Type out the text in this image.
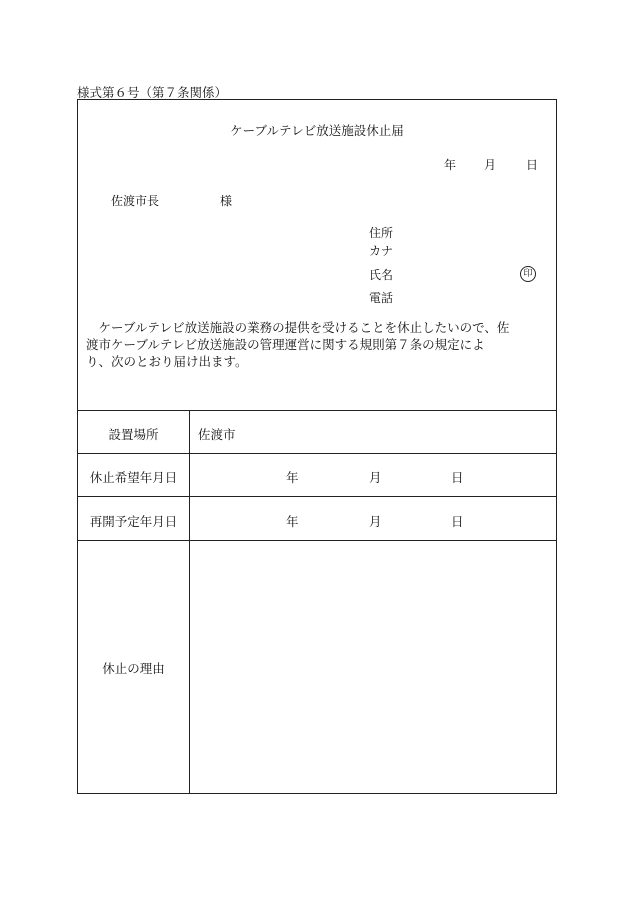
様式第６号（第７条関係）
ケーブルテレビ放送施設休止届
年 月 日
佐渡市長	様
住所
カナ
氏名	印
電話
　ケーブルテレビ放送施設の業務の提供を受けることを休止したいので、佐
渡市ケーブルテレビ放送施設の管理運営に関する規則第７条の規定によ
り、次のとおり届け出ます。
設置場所	佐渡市
休止希望年月日	年	月	日
再開予定年月日	年	月	日
休止の理由
